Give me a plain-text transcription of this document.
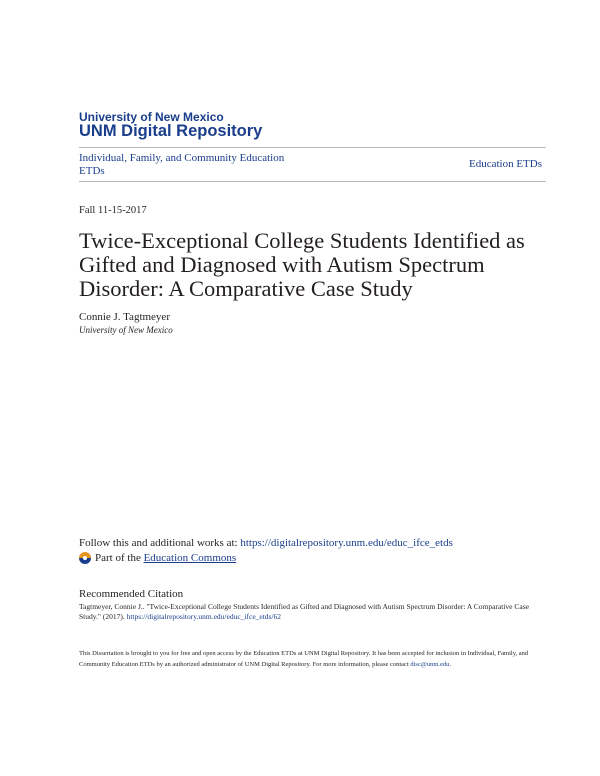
University of New Mexico
UNM Digital Repository
Individual, Family, and Community Education ETDs
Education ETDs
Fall 11-15-2017
Twice-Exceptional College Students Identified as Gifted and Diagnosed with Autism Spectrum Disorder: A Comparative Case Study
Connie J. Tagtmeyer
University of New Mexico
Follow this and additional works at: https://digitalrepository.unm.edu/educ_ifce_etds
Part of the
Education Commons
Recommended Citation
Tagtmeyer, Connie J.. "Twice-Exceptional College Students Identified as Gifted and Diagnosed with Autism Spectrum Disorder: A Comparative Case Study." (2017). https://digitalrepository.unm.edu/educ_ifce_etds/62
This Dissertation is brought to you for free and open access by the Education ETDs at UNM Digital Repository. It has been accepted for inclusion in Individual, Family, and Community Education ETDs by an authorized administrator of UNM Digital Repository. For more information, please contact disc@unm.edu.
